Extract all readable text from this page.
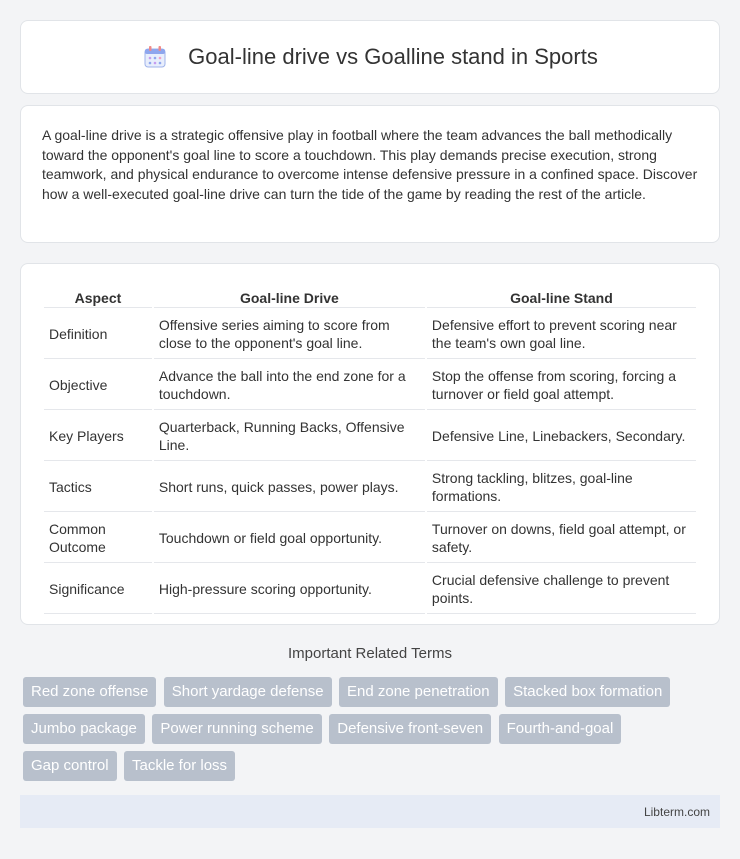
Goal-line drive vs Goalline stand in Sports

A goal-line drive is a strategic offensive play in football where the team advances the ball methodically toward the opponent's goal line to score a touchdown. This play demands precise execution, strong teamwork, and physical endurance to overcome intense defensive pressure in a confined space. Discover how a well-executed goal-line drive can turn the tide of the game by reading the rest of the article.

Aspect	Goal-line Drive	Goal-line Stand
Definition	Offensive series aiming to score from close to the opponent's goal line.	Defensive effort to prevent scoring near the team's own goal line.
Objective	Advance the ball into the end zone for a touchdown.	Stop the offense from scoring, forcing a turnover or field goal attempt.
Key Players	Quarterback, Running Backs, Offensive Line.	Defensive Line, Linebackers, Secondary.
Tactics	Short runs, quick passes, power plays.	Strong tackling, blitzes, goal-line formations.
Common Outcome	Touchdown or field goal opportunity.	Turnover on downs, field goal attempt, or safety.
Significance	High-pressure scoring opportunity.	Crucial defensive challenge to prevent points.
Important Related Terms
Red zone offense Short yardage defense End zone penetration Stacked box formation Jumbo package Power running scheme Defensive front-seven Fourth-and-goal Gap control Tackle for loss
Libterm.com
